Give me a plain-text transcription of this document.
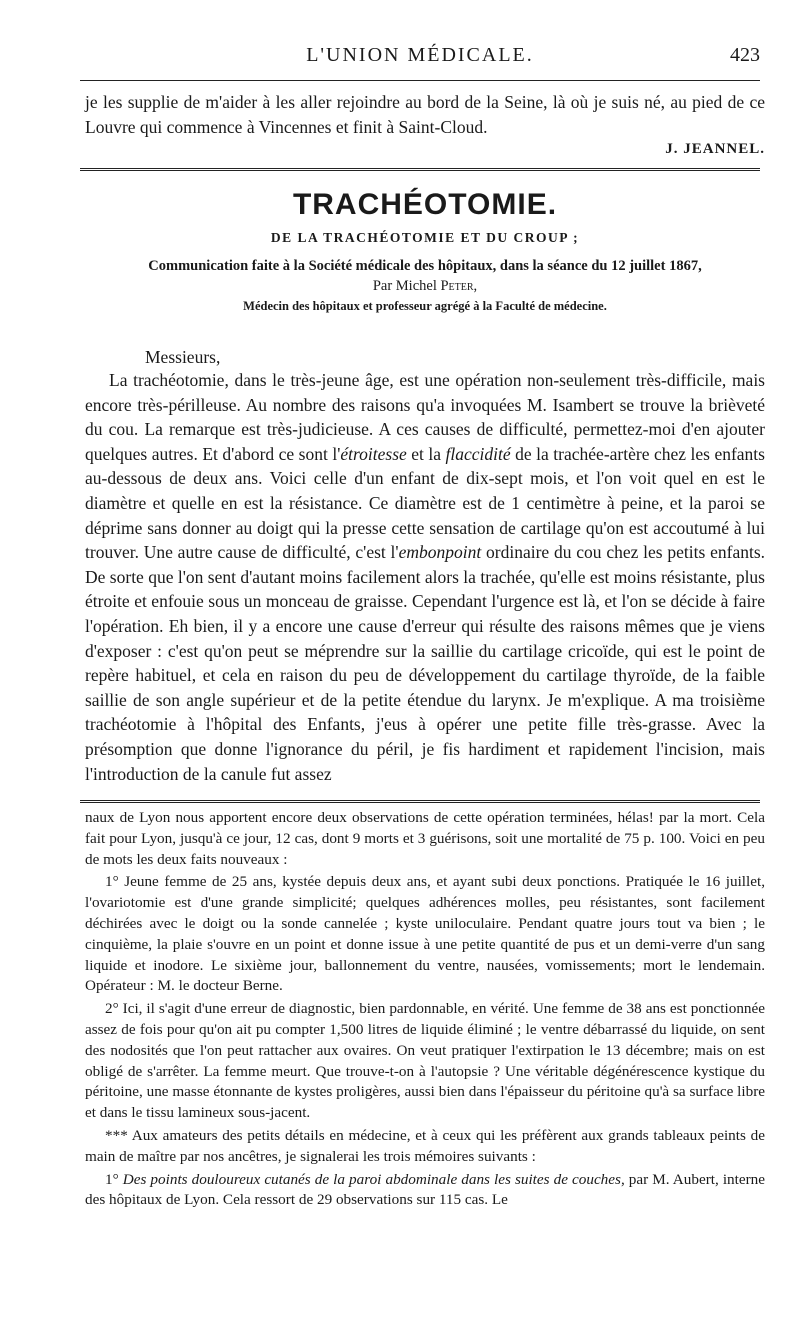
L'UNION MÉDICALE.	423

je les supplie de m'aider à les aller rejoindre au bord de la Seine, là où je suis né, au pied de ce Louvre qui commence à Vincennes et finit à Saint-Cloud.

J. JEANNEL.
TRACHÉOTOMIE.
DE LA TRACHÉOTOMIE ET DU CROUP ;
Communication faite à la Société médicale des hôpitaux, dans la séance du 12 juillet 1867,
Par Michel Peter,
Médecin des hôpitaux et professeur agrégé à la Faculté de médecine.
Messieurs,

La trachéotomie, dans le très-jeune âge, est une opération non-seulement très-difficile, mais encore très-périlleuse. Au nombre des raisons qu'a invoquées M. Isambert se trouve la brièveté du cou. La remarque est très-judicieuse. A ces causes de difficulté, permettez-moi d'en ajouter quelques autres. Et d'abord ce sont l'étroitesse et la flaccidité de la trachée-artère chez les enfants au-dessous de deux ans. Voici celle d'un enfant de dix-sept mois, et l'on voit quel en est le diamètre et quelle en est la résistance. Ce diamètre est de 1 centimètre à peine, et la paroi se déprime sans donner au doigt qui la presse cette sensation de cartilage qu'on est accoutumé à lui trouver. Une autre cause de difficulté, c'est l'embonpoint ordinaire du cou chez les petits enfants. De sorte que l'on sent d'autant moins facilement alors la trachée, qu'elle est moins résistante, plus étroite et enfouie sous un monceau de graisse. Cependant l'urgence est là, et l'on se décide à faire l'opération. Eh bien, il y a encore une cause d'erreur qui résulte des raisons mêmes que je viens d'exposer : c'est qu'on peut se méprendre sur la saillie du cartilage cricoïde, qui est le point de repère habituel, et cela en raison du peu de développement du cartilage thyroïde, de la faible saillie de son angle supérieur et de la petite étendue du larynx. Je m'explique. A ma troisième trachéotomie à l'hôpital des Enfants, j'eus à opérer une petite fille très-grasse. Avec la présomption que donne l'ignorance du péril, je fis hardiment et rapidement l'incision, mais l'introduction de la canule fut assez

naux de Lyon nous apportent encore deux observations de cette opération terminées, hélas! par la mort. Cela fait pour Lyon, jusqu'à ce jour, 12 cas, dont 9 morts et 3 guérisons, soit une mortalité de 75 p. 100. Voici en peu de mots les deux faits nouveaux :

1° Jeune femme de 25 ans, kystée depuis deux ans, et ayant subi deux ponctions. Pratiquée le 16 juillet, l'ovariotomie est d'une grande simplicité; quelques adhérences molles, peu résistantes, sont facilement déchirées avec le doigt ou la sonde cannelée ; kyste uniloculaire. Pendant quatre jours tout va bien ; le cinquième, la plaie s'ouvre en un point et donne issue à une petite quantité de pus et un demi-verre d'un sang liquide et inodore. Le sixième jour, ballonnement du ventre, nausées, vomissements; mort le lendemain. Opérateur : M. le docteur Berne.

2° Ici, il s'agit d'une erreur de diagnostic, bien pardonnable, en vérité. Une femme de 38 ans est ponctionnée assez de fois pour qu'on ait pu compter 1,500 litres de liquide éliminé ; le ventre débarrassé du liquide, on sent des nodosités que l'on peut rattacher aux ovaires. On veut pratiquer l'extirpation le 13 décembre; mais on est obligé de s'arrêter. La femme meurt. Que trouve-t-on à l'autopsie ? Une véritable dégénérescence kystique du péritoine, une masse étonnante de kystes proligères, aussi bien dans l'épaisseur du péritoine qu'à sa surface libre et dans le tissu lamineux sous-jacent.

*** Aux amateurs des petits détails en médecine, et à ceux qui les préfèrent aux grands tableaux peints de main de maître par nos ancêtres, je signalerai les trois mémoires suivants :

1° Des points douloureux cutanés de la paroi abdominale dans les suites de couches, par M. Aubert, interne des hôpitaux de Lyon. Cela ressort de 29 observations sur 115 cas. Le
